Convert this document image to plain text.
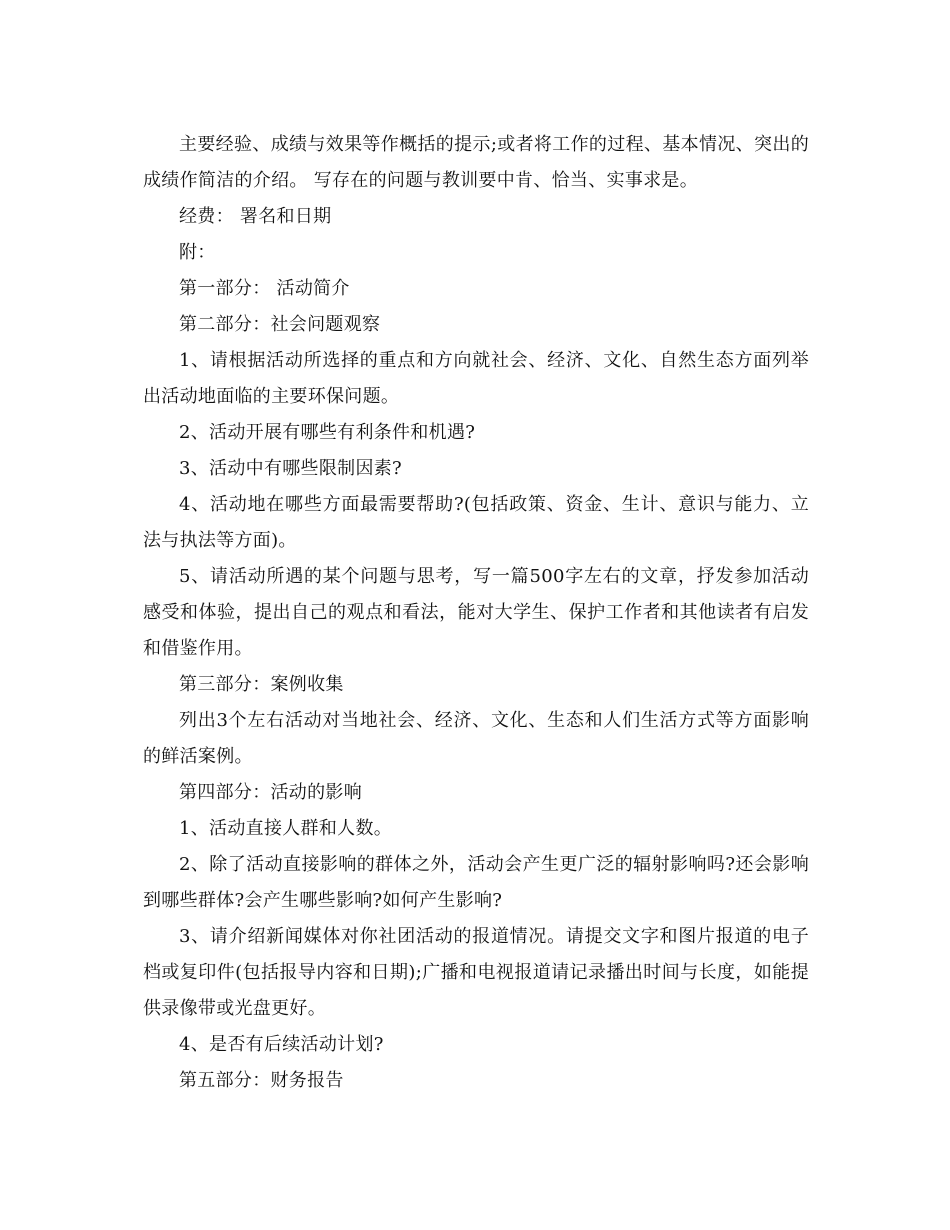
主要经验、成绩与效果等作概括的提示;或者将工作的过程、基本情况、突出的成绩作简洁的介绍。 写存在的问题与教训要中肯、恰当、实事求是。

经费： 署名和日期

附：

第一部分： 活动简介

第二部分：社会问题观察

1、请根据活动所选择的重点和方向就社会、经济、文化、自然生态方面列举出活动地面临的主要环保问题。

2、活动开展有哪些有利条件和机遇?

3、活动中有哪些限制因素?

4、活动地在哪些方面最需要帮助?(包括政策、资金、生计、意识与能力、立法与执法等方面)。

5、请活动所遇的某个问题与思考，写一篇500字左右的文章，抒发参加活动感受和体验，提出自己的观点和看法，能对大学生、保护工作者和其他读者有启发和借鉴作用。

第三部分：案例收集

列出3个左右活动对当地社会、经济、文化、生态和人们生活方式等方面影响的鲜活案例。

第四部分：活动的影响

1、活动直接人群和人数。

2、除了活动直接影响的群体之外，活动会产生更广泛的辐射影响吗?还会影响到哪些群体?会产生哪些影响?如何产生影响?

3、请介绍新闻媒体对你社团活动的报道情况。请提交文字和图片报道的电子档或复印件(包括报导内容和日期);广播和电视报道请记录播出时间与长度，如能提供录像带或光盘更好。

4、是否有后续活动计划?

第五部分：财务报告
